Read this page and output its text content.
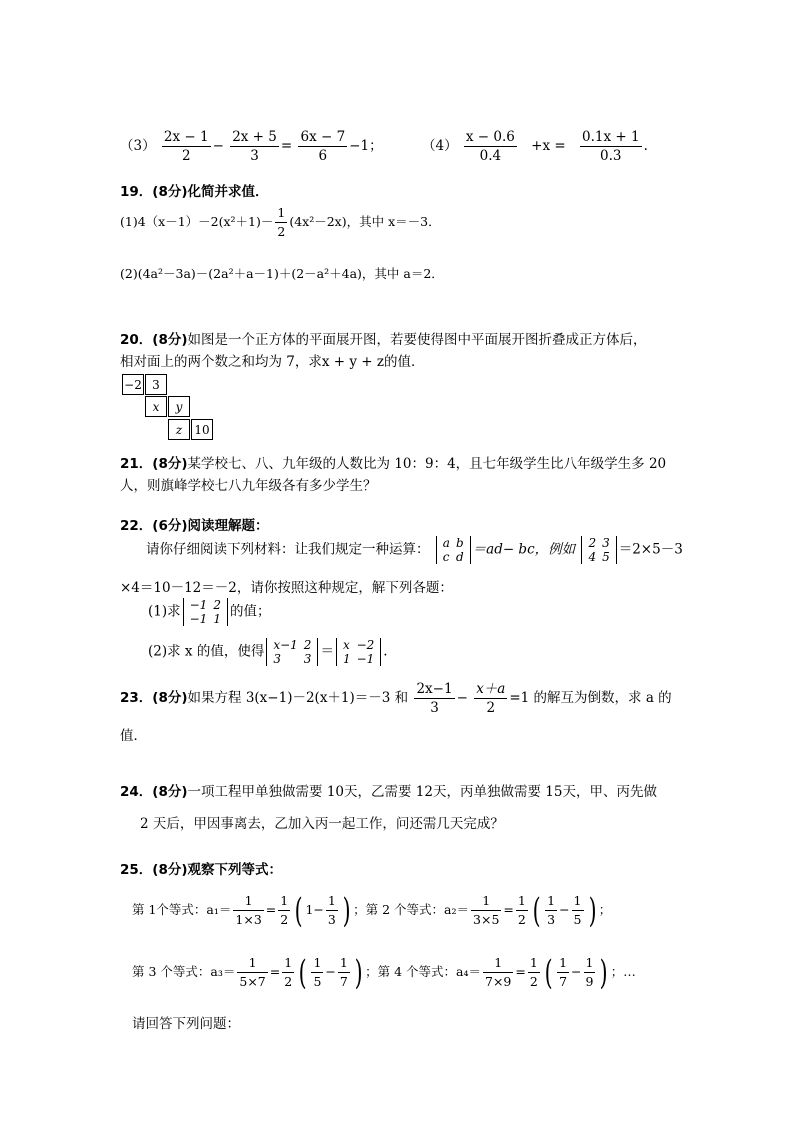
$(3) \frac{2x - 1}{2} - \frac{2x + 5}{3} = \frac{6x - 7}{6} -1$；	$(4) \frac{x - 0.6}{0.4} +x = \frac{0.1x + 1}{0.3}$ .
19．(8分)化简并求值．
$(1)4(x-1)-2(x^2+1)- \frac{1}{2} (4x^2-2x)$，其中 x＝－3．
(2)(4a²－3a)－(2a²＋a－1)＋(2－a²＋4a)，其中 a＝2．
20．(8分)如图是一个正方体的平面展开图，若要使得图中平面展开图折叠成正方体后，
相对面上的两个数之和均为 7，求x + y + z的值．
−2 3
x	y
z	10
21．(8分)某学校七、八、九年级的人数比为 10：9：4，且七年级学生比八年级学生多 20
人，则旗峰学校七八九年级各有多少学生？
22．(6分)阅读理解题：
请你仔细阅读下列材料：让我们规定一种运算： a	b
c	d ＝ad− bc，例如 2	3
4	5 ＝2×5－3
×4＝10－12＝－2，请你按照这种规定，解下列各题：
(1)求 −1	2
−1	1 的值；
(2)求 x 的值，使得 x−1	2
3	3 ＝ x	−2
1	−1 .
23．(8分)如果方程 3(x−1)－2(x＋1)＝－3 和 $\frac{2x-1}{3} - \frac{x+a}{2} =1$ 的解互为倒数，求 a 的
值．
24．(8分)一项工程甲单独做需要 10天，乙需要 12天，丙单独做需要 15天，甲、丙先做
2 天后，甲因事离去，乙加入丙一起工作，问还需几天完成？
25．(8分)观察下列等式：
第 1个等式：$a_1= \frac{1}{1\times 3} = \frac{1}{2}$ ( $1- \frac{1}{3}$ ) ；第 2 个等式：$a_2= \frac{1}{3\times 5} = \frac{1}{2}$ ( $\frac{1}{3} - \frac{1}{5}$ ) ；
第 3 个等式：$a_3= \frac{1}{5\times 7} = \frac{1}{2}$ ( $\frac{1}{5} - \frac{1}{7}$ ) ；第 4 个等式：$a_4= \frac{1}{7\times 9} = \frac{1}{2}$ ( $\frac{1}{7} - \frac{1}{9}$ ) ；…
请回答下列问题：
